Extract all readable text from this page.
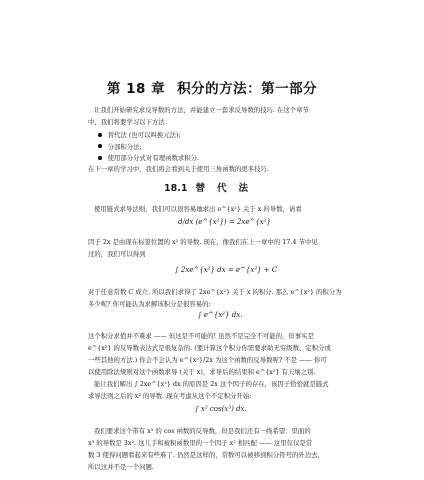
第 18 章 积分的方法：第一部分
让我们开始研究求反导数的方法，并能建立一套求反导数的技巧. 在这个章节
中，我们将要学习以下方法：
替代法 (也可以叫换元法);
分部积分法;
使用部分分式对有理函数求积分.
在下一章的学习中，我们将会看到关于使用三角函数的更多技巧.
18.1 替代法
使用链式求导法则，我们可以很容易地求出 e^{x²} 关于 x 的导数，请看
d/dx (e^{x²}) = 2xe^{x²}
因子 2x 是由现在标签位置的 x² 的导数. 现在，像我们在上一章中的 17.4 节中见
过的，我们可以得到
∫ 2xe^{x²} dx = e^{x²} + C
对于任意常数 C 成立. 所以我们求得了 2xe^{x²} 关于 x 的积分. 那么 e^{x²} 的积分为
多少呢? 你可能认为求解该积分是很容易的:
∫ e^{x²} dx.
这个积分求值并不难求 —— 但这是不可能的! 虽然不是完全不可能的，但事实是
e^{x²} 的反导数表达式是很复杂的. (要计算这个积分你需要求助无穷级数、定积分或
一些其他的方法.) 你会不会认为 e^{x²}/2x 为这个函数的反导数呢? 不是 —— 你可
以使用除法规则对这个函数求导 (关于 x)，求导后的结果和 e^{x²} 有天壤之别.
能让我们解出 ∫ 2xe^{x²} dx 的原因是 2x 这个因子的存在，该因子恰恰就是链式
求导法则之后的 x² 的导数. 现在考虑从这个不定积分开始:
∫ x² cos(x³) dx.
我们要求这个带有 x³ 的 cos 函数的反导数，但是我们还有一线希望：里面的
x³ 的导数是 3x². 这儿手和被积函数里的一个因子 x² 相匹配 —— 这里仅仅是常
数 3 使得问题看起来有些难了. 仍然是这样的，常数可以被移到积分符号的外边去，
所以这并不是一个问题.
